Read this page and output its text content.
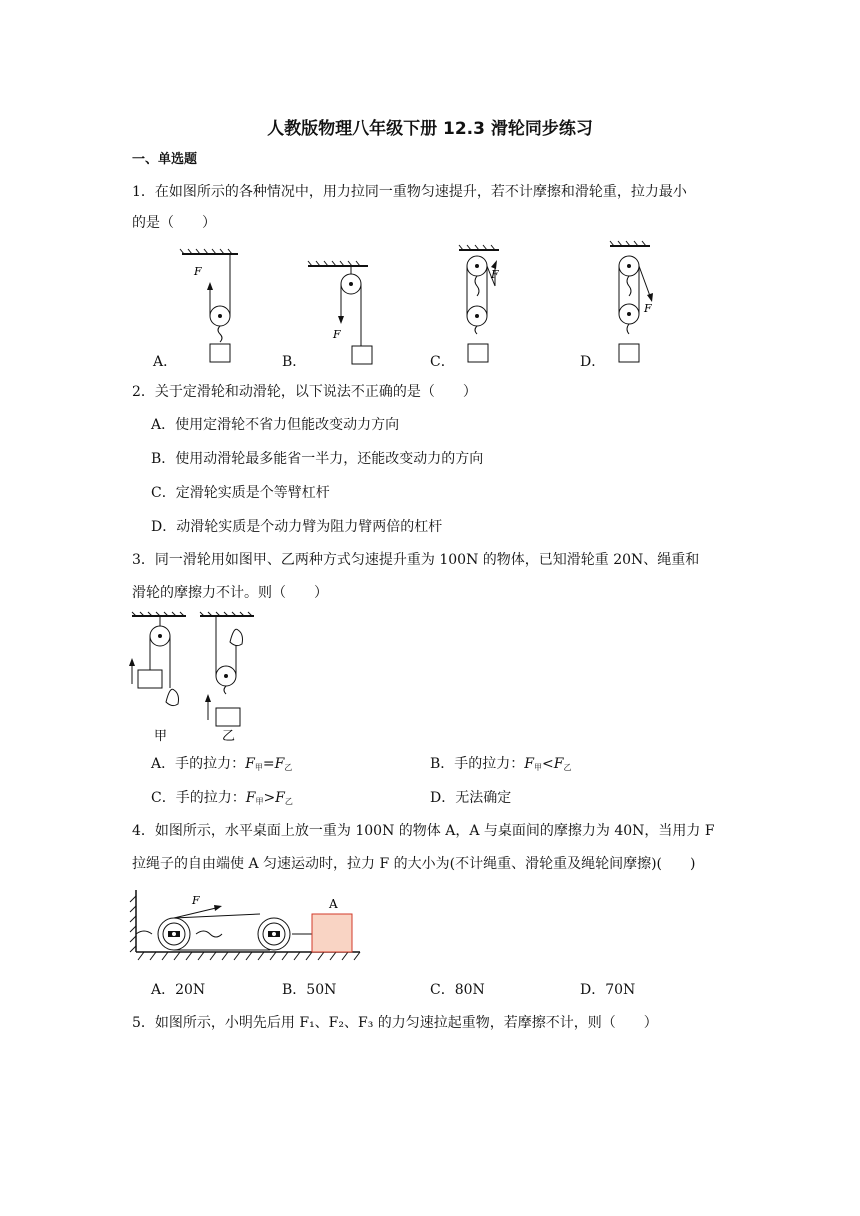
人教版物理八年级下册 12.3 滑轮同步练习
一、单选题
1．在如图所示的各种情况中，用力拉同一重物匀速提升，若不计摩擦和滑轮重，拉力最小
的是（　　）
F
A．
F
B．
F
C．
F
D．
2．关于定滑轮和动滑轮，以下说法不正确的是（　　）
A．使用定滑轮不省力但能改变动力方向
B．使用动滑轮最多能省一半力，还能改变动力的方向
C．定滑轮实质是个等臂杠杆
D．动滑轮实质是个动力臂为阻力臂两倍的杠杆
3．同一滑轮用如图甲、乙两种方式匀速提升重为 100N 的物体，已知滑轮重 20N、绳重和
滑轮的摩擦力不计。则（　　）
甲	乙
A．手的拉力：$F_甲=F_乙$	B．手的拉力：$F_甲<F_乙$
C．手的拉力：$F_甲>F_乙$	D．无法确定
4．如图所示，水平桌面上放一重为 100N 的物体 A，A 与桌面间的摩擦力为 40N，当用力 F
拉绳子的自由端使 A 匀速运动时，拉力 F 的大小为(不计绳重、滑轮重及绳轮间摩擦)(　　)
F	A
A．20N	B．50N	C．80N	D．70N
5．如图所示，小明先后用 F₁、F₂、F₃ 的力匀速拉起重物，若摩擦不计，则（　　）
